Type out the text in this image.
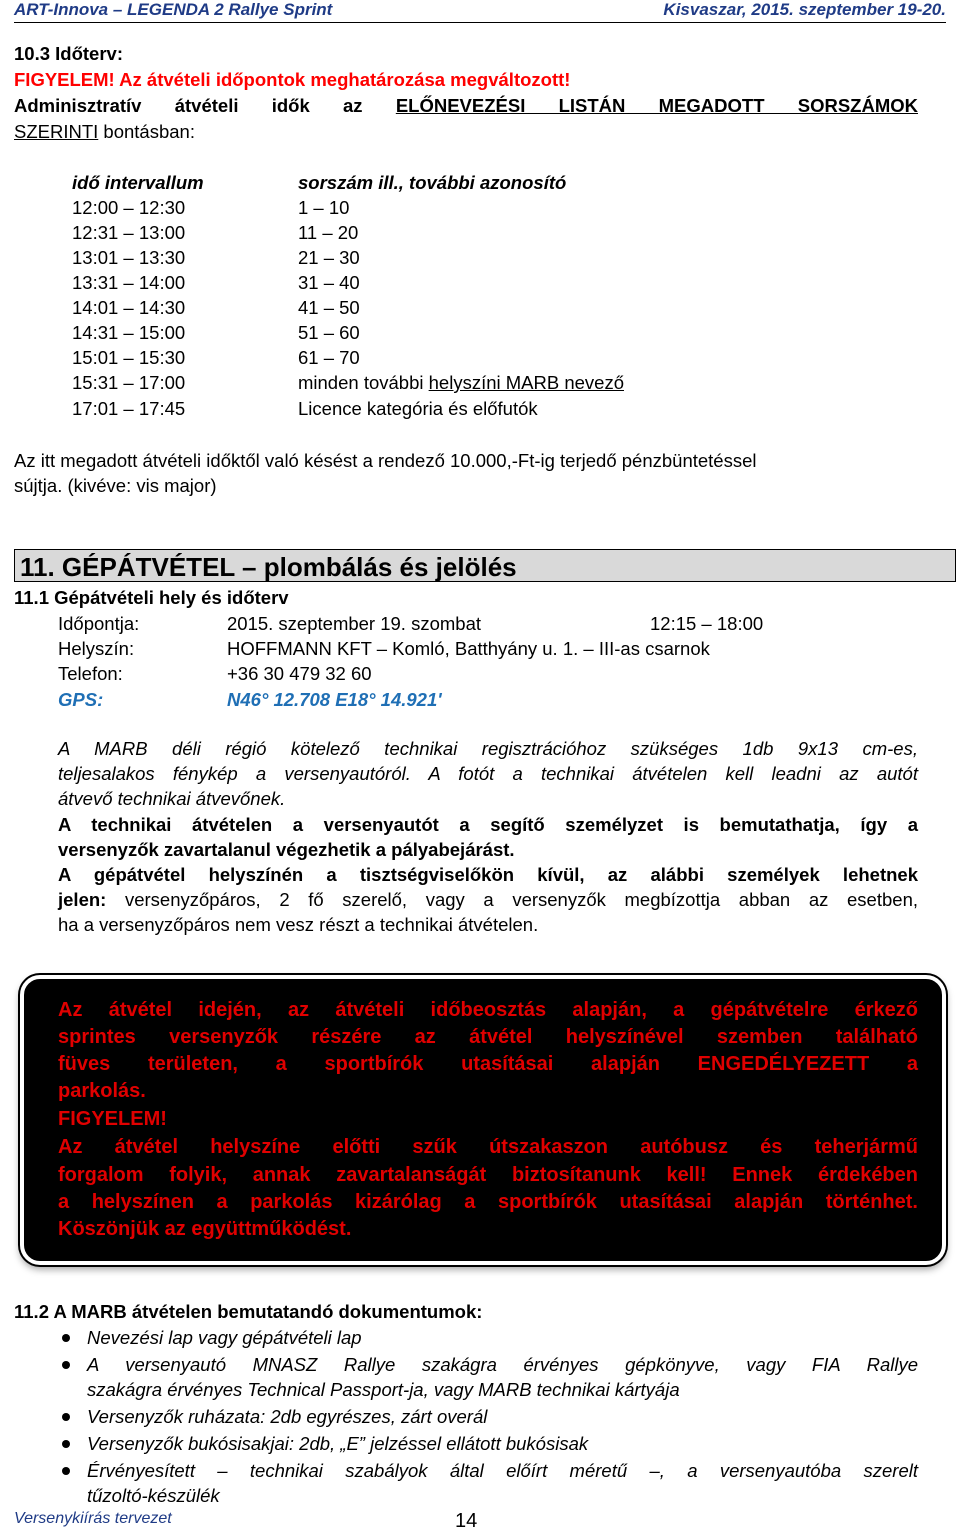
ART-Innova – LEGENDA 2 Rallye Sprint	Kisvaszar, 2015. szeptember 19-20.
10.3 Időterv:
FIGYELEM! Az átvételi időpontok meghatározása megváltozott!
Adminisztratív átvételi idők az ELŐNEVEZÉSI LISTÁN MEGADOTT SORSZÁMOK
SZERINTI bontásban:
idő intervallum	sorszám ill., további azonosító
12:00 – 12:30	1 – 10
12:31 – 13:00	11 – 20
13:01 – 13:30	21 – 30
13:31 – 14:00	31 – 40
14:01 – 14:30	41 – 50
14:31 – 15:00	51 – 60
15:01 – 15:30	61 – 70
15:31 – 17:00	minden további helyszíni MARB nevező
17:01 – 17:45	Licence kategória és előfutók
Az itt megadott átvételi időktől való késést a rendező 10.000,-Ft-ig terjedő pénzbüntetéssel
sújtja. (kivéve: vis major)
11. GÉPÁTVÉTEL – plombálás és jelölés
11.1 Gépátvételi hely és időterv
Időpontja:	2015. szeptember 19. szombat	12:15 – 18:00
Helyszín:	HOFFMANN KFT – Komló, Batthyány u. 1. – III-as csarnok
Telefon:	+36 30 479 32 60
GPS:	N46° 12.708 E18° 14.921'
A MARB déli régió kötelező technikai regisztrációhoz szükséges 1db 9x13 cm-es,
teljesalakos fénykép a versenyautóról. A fotót a technikai átvételen kell leadni az autót
átvevő technikai átvevőnek.
A technikai átvételen a versenyautót a segítő személyzet is bemutathatja, így a
versenyzők zavartalanul végezhetik a pályabejárást.
A gépátvétel helyszínén a tisztségviselőkön kívül, az alábbi személyek lehetnek
jelen: versenyzőpáros, 2 fő szerelő, vagy a versenyzők megbízottja abban az esetben,
ha a versenyzőpáros nem vesz részt a technikai átvételen.
Az átvétel idején, az átvételi időbeosztás alapján, a gépátvételre érkező
sprintes versenyzők részére az átvétel helyszínével szemben található
füves területen, a sportbírók utasításai alapján ENGEDÉLYEZETT a
parkolás.
FIGYELEM!
Az átvétel helyszíne előtti szűk útszakaszon autóbusz és teherjármű
forgalom folyik, annak zavartalanságát biztosítanunk kell! Ennek érdekében
a helyszínen a parkolás kizárólag a sportbírók utasításai alapján történhet.
Köszönjük az együttműködést.
11.2 A MARB átvételen bemutatandó dokumentumok:
Nevezési lap vagy gépátvételi lap
A versenyautó MNASZ Rallye szakágra érvényes gépkönyve, vagy FIA Rallye
szakágra érvényes Technical Passport-ja, vagy MARB technikai kártyája
Versenyzők ruházata: 2db egyrészes, zárt overál
Versenyzők bukósisakjai: 2db, „E” jelzéssel ellátott bukósisak
Érvényesített – technikai szabályok által előírt méretű –, a versenyautóba szerelt
tűzoltó-készülék
Versenykiírás tervezet	14
